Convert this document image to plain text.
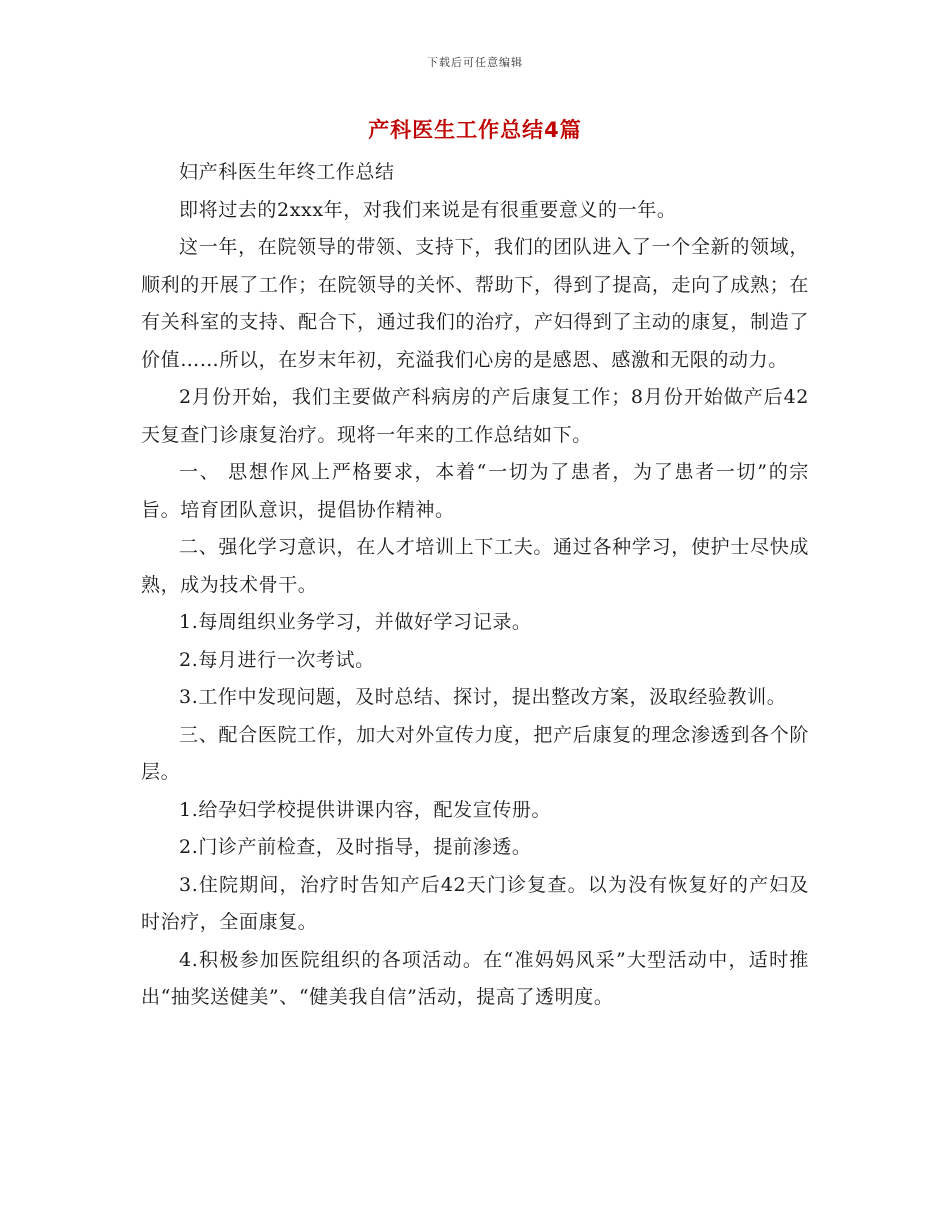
下载后可任意编辑
产科医生工作总结4篇

妇产科医生年终工作总结

即将过去的2xxx年，对我们来说是有很重要意义的一年。

这一年，在院领导的带领、支持下，我们的团队进入了一个全新的领域，顺利的开展了工作；在院领导的关怀、帮助下，得到了提高，走向了成熟；在有关科室的支持、配合下，通过我们的治疗，产妇得到了主动的康复，制造了价值……所以，在岁末年初，充溢我们心房的是感恩、感激和无限的动力。

2月份开始，我们主要做产科病房的产后康复工作；8月份开始做产后42天复查门诊康复治疗。现将一年来的工作总结如下。

一、 思想作风上严格要求，本着“一切为了患者，为了患者一切”的宗旨。培育团队意识，提倡协作精神。

二、强化学习意识，在人才培训上下工夫。通过各种学习，使护士尽快成熟，成为技术骨干。

1.每周组织业务学习，并做好学习记录。

2.每月进行一次考试。

3.工作中发现问题，及时总结、探讨，提出整改方案，汲取经验教训。

三、配合医院工作，加大对外宣传力度，把产后康复的理念渗透到各个阶层。

1.给孕妇学校提供讲课内容，配发宣传册。

2.门诊产前检查，及时指导，提前渗透。

3.住院期间，治疗时告知产后42天门诊复查。以为没有恢复好的产妇及时治疗，全面康复。

4.积极参加医院组织的各项活动。在“准妈妈风采”大型活动中，适时推出“抽奖送健美”、“健美我自信”活动，提高了透明度。
